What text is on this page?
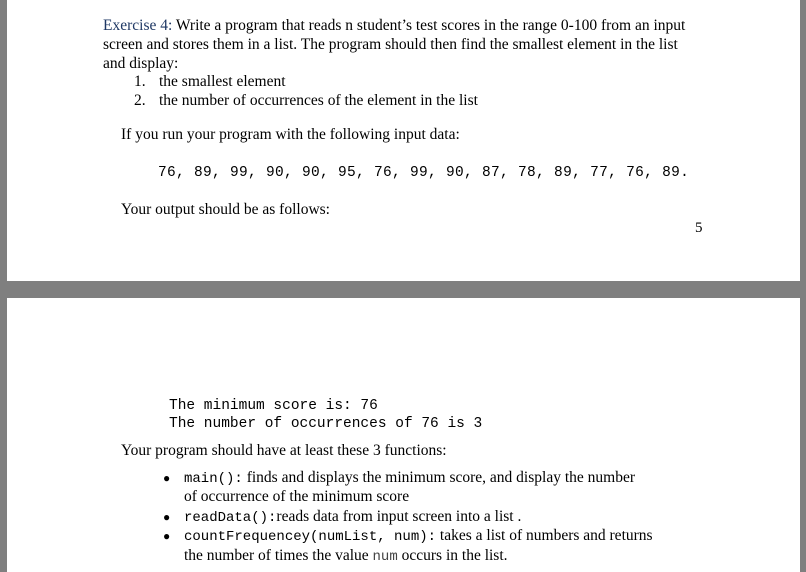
Exercise 4: Write a program that reads n student’s test scores in the range 0-100 from an input
screen and stores them in a list. The program should then find the smallest element in the list
and display:
1. the smallest element
2. the number of occurrences of the element in the list
If you run your program with the following input data:
76, 89, 99, 90, 90, 95, 76, 99, 90, 87, 78, 89, 77, 76, 89.
Your output should be as follows:
5
The minimum score is: 76
The number of occurrences of 76 is 3
Your program should have at least these 3 functions:
● main(): finds and displays the minimum score, and display the number
of occurrence of the minimum score
● readData():reads data from input screen into a list .
● countFrequencey(numList, num): takes a list of numbers and returns
the number of times the value num occurs in the list.
